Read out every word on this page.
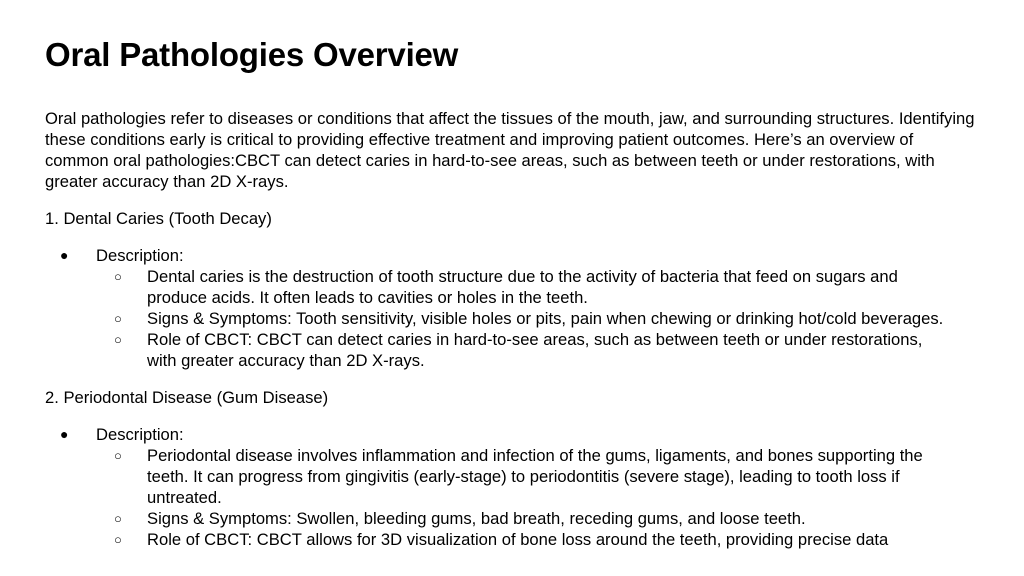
Oral Pathologies Overview

Oral pathologies refer to diseases or conditions that affect the tissues of the mouth, jaw, and surrounding structures. Identifying these conditions early is critical to providing effective treatment and improving patient outcomes. Here’s an overview of common oral pathologies:CBCT can detect caries in hard-to-see areas, such as between teeth or under restorations, with greater accuracy than 2D X-rays.

1. Dental Caries (Tooth Decay)

● Description:
○ Dental caries is the destruction of tooth structure due to the activity of bacteria that feed on sugars and produce acids. It often leads to cavities or holes in the teeth.
○ Signs & Symptoms: Tooth sensitivity, visible holes or pits, pain when chewing or drinking hot/cold beverages.
○ Role of CBCT: CBCT can detect caries in hard-to-see areas, such as between teeth or under restorations, with greater accuracy than 2D X-rays.

2. Periodontal Disease (Gum Disease)

● Description:
○ Periodontal disease involves inflammation and infection of the gums, ligaments, and bones supporting the teeth. It can progress from gingivitis (early-stage) to periodontitis (severe stage), leading to tooth loss if untreated.
○ Signs & Symptoms: Swollen, bleeding gums, bad breath, receding gums, and loose teeth.
○ Role of CBCT: CBCT allows for 3D visualization of bone loss around the teeth, providing precise data
